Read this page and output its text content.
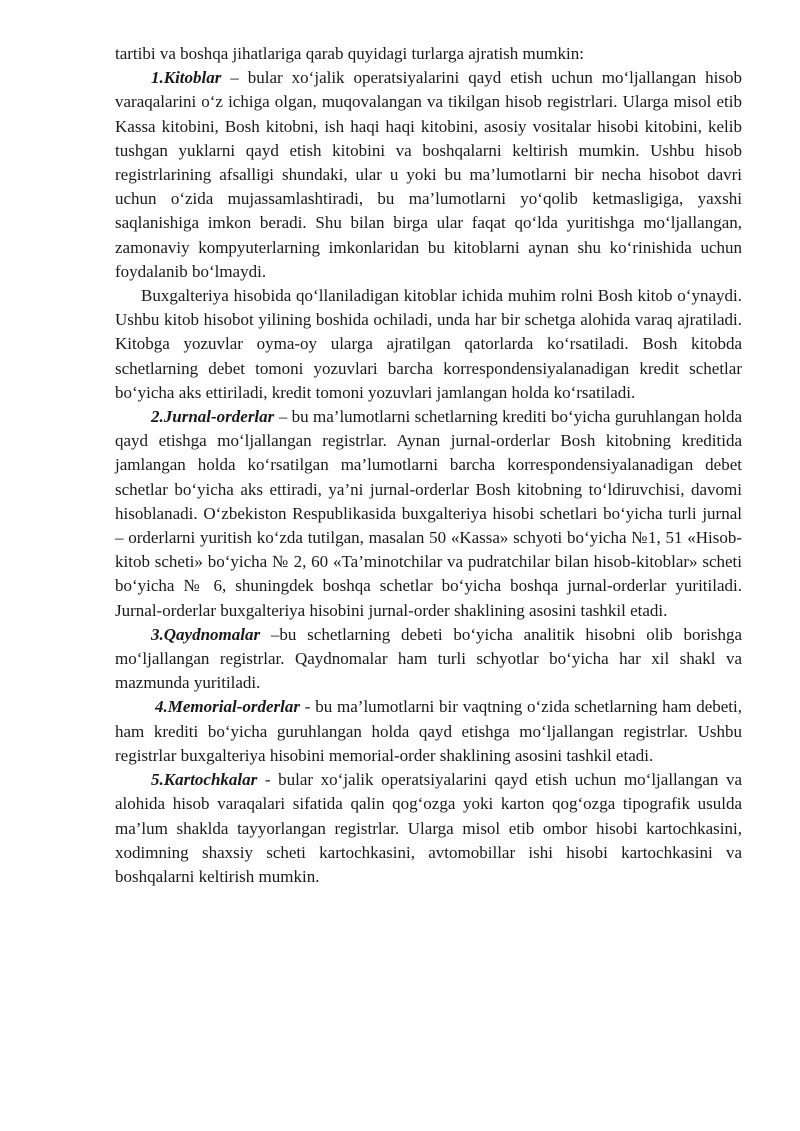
tartibi va boshqa jihatlariga qarab quyidagi turlarga ajratish mumkin:

1.Kitoblar – bular xo‘jalik operatsiyalarini qayd etish uchun mo‘ljallangan hisob varaqalarini o‘z ichiga olgan, muqovalangan va tikilgan hisob registrlari. Ularga misol etib Kassa kitobini, Bosh kitobni, ish haqi haqi kitobini, asosiy vositalar hisobi kitobini, kelib tushgan yuklarni qayd etish kitobini va boshqalarni keltirish mumkin. Ushbu hisob registrlarining afsalligi shundaki, ular u yoki bu ma’lumotlarni bir necha hisobot davri uchun o‘zida mujassamlashtiradi, bu ma’lumotlarni yo‘qolib ketmasligiga, yaxshi saqlanishiga imkon beradi. Shu bilan birga ular faqat qo‘lda yuritishga mo‘ljallangan, zamonaviy kompyuterlarning imkonlaridan bu kitoblarni aynan shu ko‘rinishida uchun foydalanib bo‘lmaydi.

Buxgalteriya hisobida qo‘llaniladigan kitoblar ichida muhim rolni Bosh kitob o‘ynaydi. Ushbu kitob hisobot yilining boshida ochiladi, unda har bir schetga alohida varaq ajratiladi. Kitobga yozuvlar oyma-oy ularga ajratilgan qatorlarda ko‘rsatiladi. Bosh kitobda schetlarning debet tomoni yozuvlari barcha korrespondensiyalanadigan kredit schetlar bo‘yicha aks ettiriladi, kredit tomoni yozuvlari jamlangan holda ko‘rsatiladi.

2.Jurnal-orderlar – bu ma’lumotlarni schetlarning krediti bo‘yicha guruhlangan holda qayd etishga mo‘ljallangan registrlar. Aynan jurnal-orderlar Bosh kitobning kreditida jamlangan holda ko‘rsatilgan ma’lumotlarni barcha korrespondensiyalanadigan debet schetlar bo‘yicha aks ettiradi, ya’ni jurnal-orderlar Bosh kitobning to‘ldiruvchisi, davomi hisoblanadi. O‘zbekiston Respublikasida buxgalteriya hisobi schetlari bo‘yicha turli jurnal – orderlarni yuritish ko‘zda tutilgan, masalan 50 «Kassa» schyoti bo‘yicha №1, 51 «Hisob-kitob scheti» bo‘yicha № 2, 60 «Ta’minotchilar va pudratchilar bilan hisob-kitoblar» scheti bo‘yicha № 6, shuningdek boshqa schetlar bo‘yicha boshqa jurnal-orderlar yuritiladi. Jurnal-orderlar buxgalteriya hisobini jurnal-order shaklining asosini tashkil etadi.

3.Qaydnomalar –bu schetlarning debeti bo‘yicha analitik hisobni olib borishga mo‘ljallangan registrlar. Qaydnomalar ham turli schyotlar bo‘yicha har xil shakl va mazmunda yuritiladi.

4.Memorial-orderlar - bu ma’lumotlarni bir vaqtning o‘zida schetlarning ham debeti, ham krediti bo‘yicha guruhlangan holda qayd etishga mo‘ljallangan registrlar. Ushbu registrlar buxgalteriya hisobini memorial-order shaklining asosini tashkil etadi.

5.Kartochkalar - bular xo‘jalik operatsiyalarini qayd etish uchun mo‘ljallangan va alohida hisob varaqalari sifatida qalin qog‘ozga yoki karton qog‘ozga tipografik usulda ma’lum shaklda tayyorlangan registrlar. Ularga misol etib ombor hisobi kartochkasini, xodimning shaxsiy scheti kartochkasini, avtomobillar ishi hisobi kartochkasini va boshqalarni keltirish mumkin.
